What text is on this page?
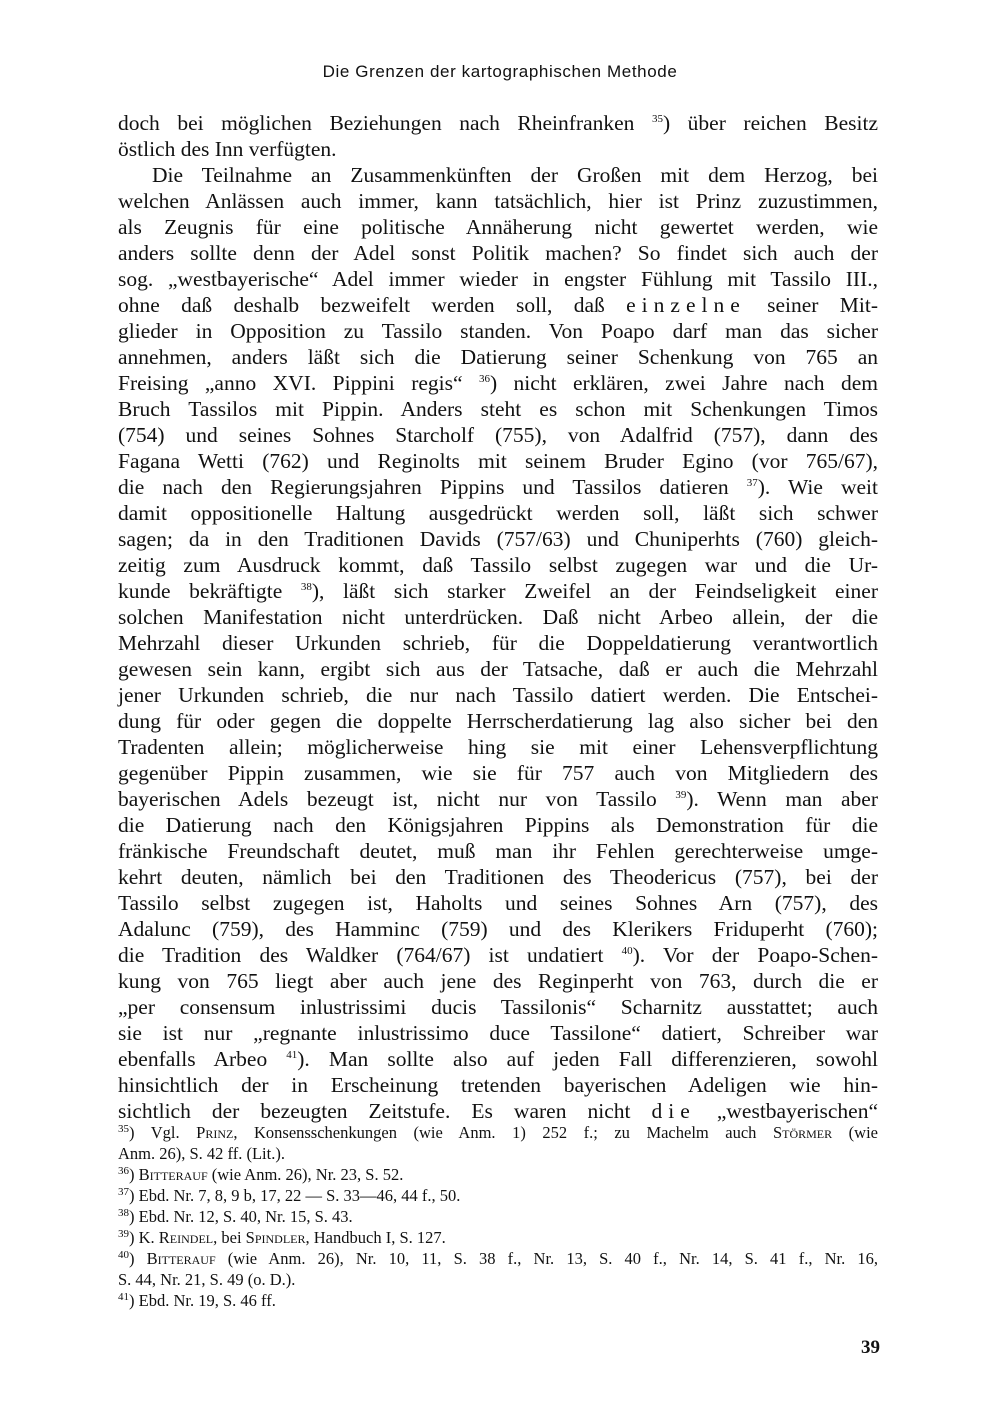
Die Grenzen der kartographischen Methode
doch bei möglichen Beziehungen nach Rheinfranken $^{35}$) über reichen Besitz
östlich des Inn verfügten.
Die Teilnahme an Zusammenkünften der Großen mit dem Herzog, bei
welchen Anlässen auch immer, kann tatsächlich, hier ist Prinz zuzustimmen,
als Zeugnis für eine politische Annäherung nicht gewertet werden, wie
anders sollte denn der Adel sonst Politik machen? So findet sich auch der
sog. „westbayerische“ Adel immer wieder in engster Fühlung mit Tassilo III.,
ohne daß deshalb bezweifelt werden soll, daß einzelne seiner Mit-
glieder in Opposition zu Tassilo standen. Von Poapo darf man das sicher
annehmen, anders läßt sich die Datierung seiner Schenkung von 765 an
Freising „anno XVI. Pippini regis“ $^{36}$) nicht erklären, zwei Jahre nach dem
Bruch Tassilos mit Pippin. Anders steht es schon mit Schenkungen Timos
(754) und seines Sohnes Starcholf (755), von Adalfrid (757), dann des
Fagana Wetti (762) und Reginolts mit seinem Bruder Egino (vor 765/67),
die nach den Regierungsjahren Pippins und Tassilos datieren $^{37}$). Wie weit
damit oppositionelle Haltung ausgedrückt werden soll, läßt sich schwer
sagen; da in den Traditionen Davids (757/63) und Chuniperhts (760) gleich-
zeitig zum Ausdruck kommt, daß Tassilo selbst zugegen war und die Ur-
kunde bekräftigte $^{38}$), läßt sich starker Zweifel an der Feindseligkeit einer
solchen Manifestation nicht unterdrücken. Daß nicht Arbeo allein, der die
Mehrzahl dieser Urkunden schrieb, für die Doppeldatierung verantwortlich
gewesen sein kann, ergibt sich aus der Tatsache, daß er auch die Mehrzahl
jener Urkunden schrieb, die nur nach Tassilo datiert werden. Die Entschei-
dung für oder gegen die doppelte Herrscherdatierung lag also sicher bei den
Tradenten allein; möglicherweise hing sie mit einer Lehensverpflichtung
gegenüber Pippin zusammen, wie sie für 757 auch von Mitgliedern des
bayerischen Adels bezeugt ist, nicht nur von Tassilo $^{39}$). Wenn man aber
die Datierung nach den Königsjahren Pippins als Demonstration für die
fränkische Freundschaft deutet, muß man ihr Fehlen gerechterweise umge-
kehrt deuten, nämlich bei den Traditionen des Theodericus (757), bei der
Tassilo selbst zugegen ist, Haholts und seines Sohnes Arn (757), des
Adalunc (759), des Hamminc (759) und des Klerikers Friduperht (760);
die Tradition des Waldker (764/67) ist undatiert $^{40}$). Vor der Poapo-Schen-
kung von 765 liegt aber auch jene des Reginperht von 763, durch die er
„per consensum inlustrissimi ducis Tassilonis“ Scharnitz ausstattet; auch
sie ist nur „regnante inlustrissimo duce Tassilone“ datiert, Schreiber war
ebenfalls Arbeo $^{41}$). Man sollte also auf jeden Fall differenzieren, sowohl
hinsichtlich der in Erscheinung tretenden bayerischen Adeligen wie hin-
sichtlich der bezeugten Zeitstufe. Es waren nicht die „westbayerischen“
$^{35}$) Vgl. Prinz, Konsensschenkungen (wie Anm. 1) 252 f.; zu Machelm auch Störmer (wie
Anm. 26), S. 42 ff. (Lit.).
$^{36}$) Bitterauf (wie Anm. 26), Nr. 23, S. 52.
$^{37}$) Ebd. Nr. 7, 8, 9 b, 17, 22 — S. 33—46, 44 f., 50.
$^{38}$) Ebd. Nr. 12, S. 40, Nr. 15, S. 43.
$^{39}$) K. Reindel, bei Spindler, Handbuch I, S. 127.
$^{40}$) Bitterauf (wie Anm. 26), Nr. 10, 11, S. 38 f., Nr. 13, S. 40 f., Nr. 14, S. 41 f., Nr. 16,
S. 44, Nr. 21, S. 49 (o. D.).
$^{41}$) Ebd. Nr. 19, S. 46 ff.
39
